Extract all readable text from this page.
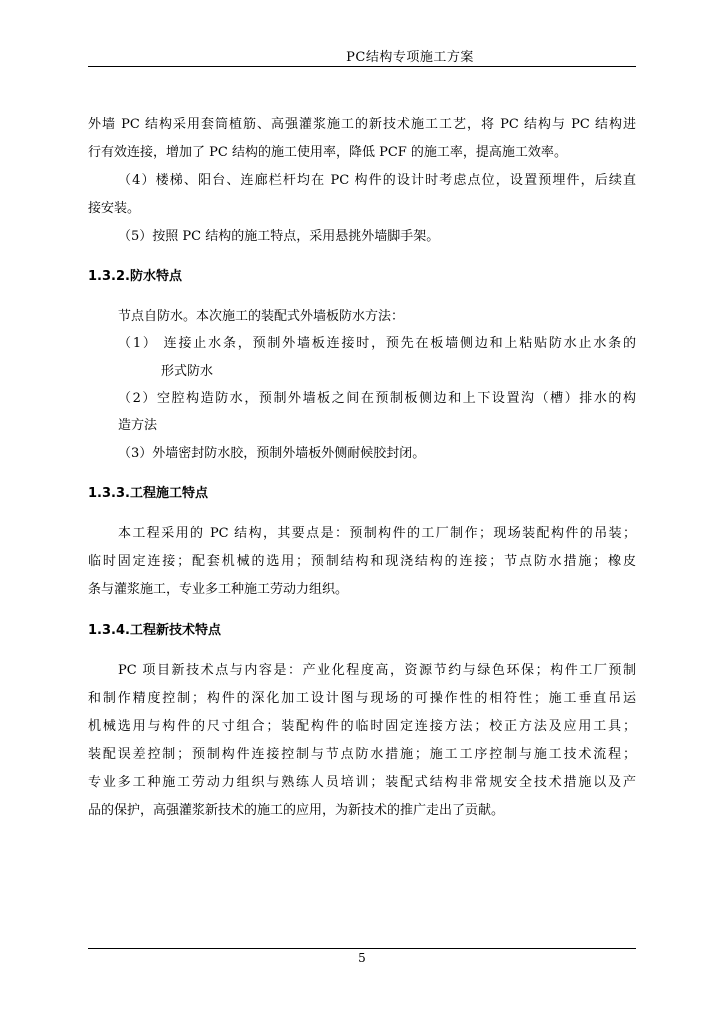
PC结构专项施工方案
外墙 PC 结构采用套筒植筋、高强灌浆施工的新技术施工工艺，将 PC 结构与 PC 结构进
行有效连接，增加了 PC 结构的施工使用率，降低 PCF 的施工率，提高施工效率。
（4）楼梯、阳台、连廊栏杆均在 PC 构件的设计时考虑点位，设置预埋件，后续直
接安装。
（5）按照 PC 结构的施工特点，采用悬挑外墙脚手架。
1.3.2.防水特点
节点自防水。本次施工的装配式外墙板防水方法：
（1） 连接止水条，预制外墙板连接时，预先在板墙侧边和上粘贴防水止水条的
形式防水
（2）空腔构造防水，预制外墙板之间在预制板侧边和上下设置沟（槽）排水的构
造方法
（3）外墙密封防水胶，预制外墙板外侧耐候胶封闭。
1.3.3.工程施工特点
本工程采用的 PC 结构，其要点是：预制构件的工厂制作；现场装配构件的吊装；
临时固定连接；配套机械的选用；预制结构和现浇结构的连接；节点防水措施；橡皮
条与灌浆施工，专业多工种施工劳动力组织。
1.3.4.工程新技术特点
PC 项目新技术点与内容是：产业化程度高，资源节约与绿色环保；构件工厂预制
和制作精度控制；构件的深化加工设计图与现场的可操作性的相符性；施工垂直吊运
机械选用与构件的尺寸组合；装配构件的临时固定连接方法；校正方法及应用工具；
装配误差控制；预制构件连接控制与节点防水措施；施工工序控制与施工技术流程；
专业多工种施工劳动力组织与熟练人员培训；装配式结构非常规安全技术措施以及产
品的保护，高强灌浆新技术的施工的应用，为新技术的推广走出了贡献。
5
